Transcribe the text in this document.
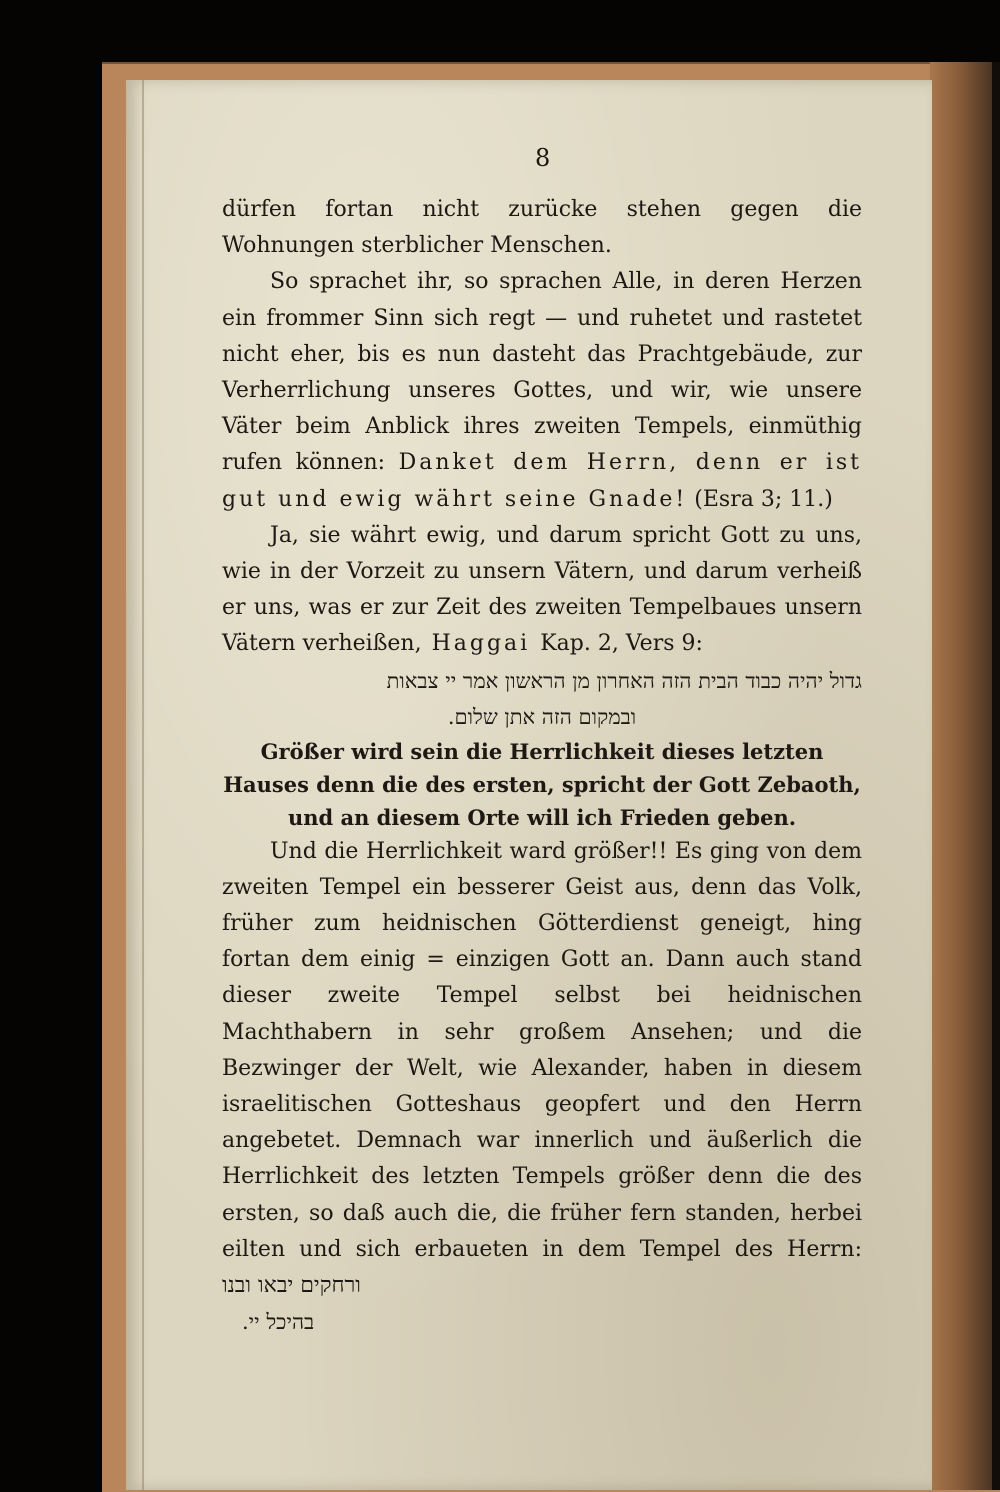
8

dürfen fortan nicht zurücke stehen gegen die Wohnungen sterblicher Menschen.

So sprachet ihr, so sprachen Alle, in deren Herzen ein frommer Sinn sich regt — und ruhetet und rastetet nicht eher, bis es nun dasteht das Prachtgebäude, zur Verherrlichung unseres Gottes, und wir, wie unsere Väter beim Anblick ihres zweiten Tempels, einmüthig rufen können: Danket dem Herrn, denn er ist gut und ewig währt seine Gnade! (Esra 3; 11.)

Ja, sie währt ewig, und darum spricht Gott zu uns, wie in der Vorzeit zu unsern Vätern, und darum verheiß er uns, was er zur Zeit des zweiten Tempelbaues unsern Vätern verheißen, Haggai Kap. 2, Vers 9:

גדול יהיה כבוד הבית הזה האחרון מן הראשון אמר יי צבאות

ובמקום הזה אתן שלום.

Größer wird sein die Herrlichkeit dieses letzten Hauses denn die des ersten, spricht der Gott Zebaoth, und an diesem Orte will ich Frieden geben.

Und die Herrlichkeit ward größer!! Es ging von dem zweiten Tempel ein besserer Geist aus, denn das Volk, früher zum heidnischen Götterdienst geneigt, hing fortan dem einig = einzigen Gott an. Dann auch stand dieser zweite Tempel selbst bei heidnischen Machthabern in sehr großem Ansehen; und die Bezwinger der Welt, wie Alexander, haben in diesem israelitischen Gotteshaus geopfert und den Herrn angebetet. Demnach war innerlich und äußerlich die Herrlichkeit des letzten Tempels größer denn die des ersten, so daß auch die, die früher fern standen, herbei eilten und sich erbaueten in dem Tempel des Herrn: ורחקים יבאו ובנו

בהיכל יי.
